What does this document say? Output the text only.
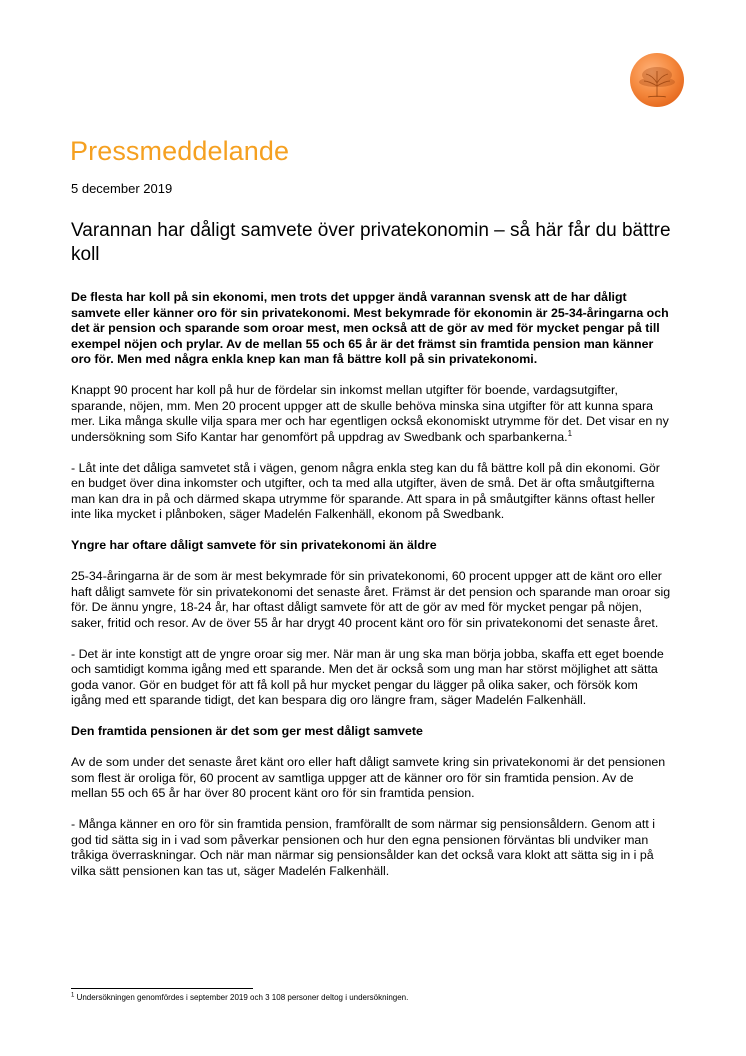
Pressmeddelande

5 december 2019

Varannan har dåligt samvete över privatekonomin – så här får du bättre koll

De flesta har koll på sin ekonomi, men trots det uppger ändå varannan svensk att de har dåligt samvete eller känner oro för sin privatekonomi. Mest bekymrade för ekonomin är 25-34-åringarna och det är pension och sparande som oroar mest, men också att de gör av med för mycket pengar på till exempel nöjen och prylar. Av de mellan 55 och 65 år är det främst sin framtida pension man känner oro för. Men med några enkla knep kan man få bättre koll på sin privatekonomi.

Knappt 90 procent har koll på hur de fördelar sin inkomst mellan utgifter för boende, vardagsutgifter, sparande, nöjen, mm. Men 20 procent uppger att de skulle behöva minska sina utgifter för att kunna spara mer. Lika många skulle vilja spara mer och har egentligen också ekonomiskt utrymme för det. Det visar en ny undersökning som Sifo Kantar har genomfört på uppdrag av Swedbank och sparbankerna.$^1$

- Låt inte det dåliga samvetet stå i vägen, genom några enkla steg kan du få bättre koll på din ekonomi. Gör en budget över dina inkomster och utgifter, och ta med alla utgifter, även de små. Det är ofta småutgifterna man kan dra in på och därmed skapa utrymme för sparande. Att spara in på småutgifter känns oftast heller inte lika mycket i plånboken, säger Madelén Falkenhäll, ekonom på Swedbank.

Yngre har oftare dåligt samvete för sin privatekonomi än äldre

25-34-åringarna är de som är mest bekymrade för sin privatekonomi, 60 procent uppger att de känt oro eller haft dåligt samvete för sin privatekonomi det senaste året. Främst är det pension och sparande man oroar sig för. De ännu yngre, 18-24 år, har oftast dåligt samvete för att de gör av med för mycket pengar på nöjen, saker, fritid och resor. Av de över 55 år har drygt 40 procent känt oro för sin privatekonomi det senaste året.

- Det är inte konstigt att de yngre oroar sig mer. När man är ung ska man börja jobba, skaffa ett eget boende och samtidigt komma igång med ett sparande. Men det är också som ung man har störst möjlighet att sätta goda vanor. Gör en budget för att få koll på hur mycket pengar du lägger på olika saker, och försök kom igång med ett sparande tidigt, det kan bespara dig oro längre fram, säger Madelén Falkenhäll.

Den framtida pensionen är det som ger mest dåligt samvete

Av de som under det senaste året känt oro eller haft dåligt samvete kring sin privatekonomi är det pensionen som flest är oroliga för, 60 procent av samtliga uppger att de känner oro för sin framtida pension. Av de mellan 55 och 65 år har över 80 procent känt oro för sin framtida pension.

- Många känner en oro för sin framtida pension, framförallt de som närmar sig pensionsåldern. Genom att i god tid sätta sig in i vad som påverkar pensionen och hur den egna pensionen förväntas bli undviker man tråkiga överraskningar. Och när man närmar sig pensionsålder kan det också vara klokt att sätta sig in i på vilka sätt pensionen kan tas ut, säger Madelén Falkenhäll.

$^1$ Undersökningen genomfördes i september 2019 och 3 108 personer deltog i undersökningen.
